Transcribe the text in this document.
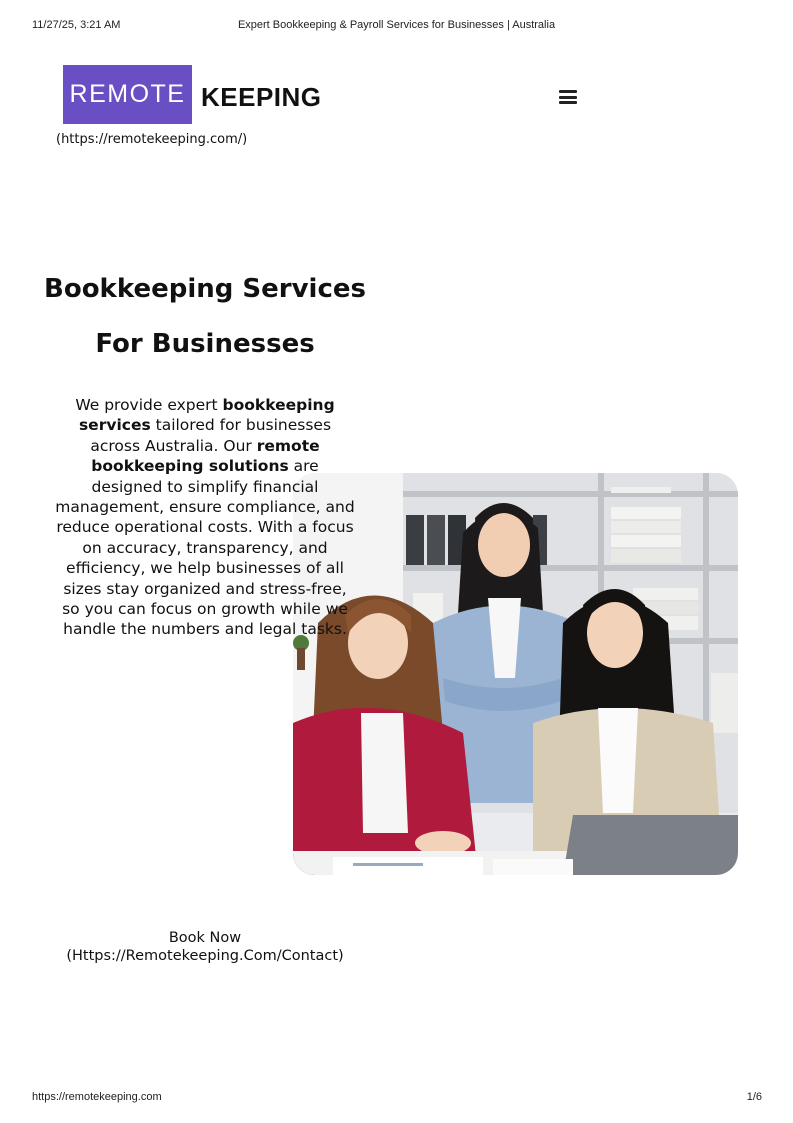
11/27/25, 3:21 AM	Expert Bookkeeping & Payroll Services for Businesses | Australia
REMOTE KEEPING
(https://remotekeeping.com/)
Bookkeeping Services
For Businesses

We provide expert bookkeeping services tailored for businesses across Australia. Our remote bookkeeping solutions are designed to simplify financial management, ensure compliance, and reduce operational costs. With a focus on accuracy, transparency, and efficiency, we help businesses of all sizes stay organized and stress-free, so you can focus on growth while we handle the numbers and legal tasks.

Book Now
(Https://Remotekeeping.Com/Contact)
https://remotekeeping.com	1/6
